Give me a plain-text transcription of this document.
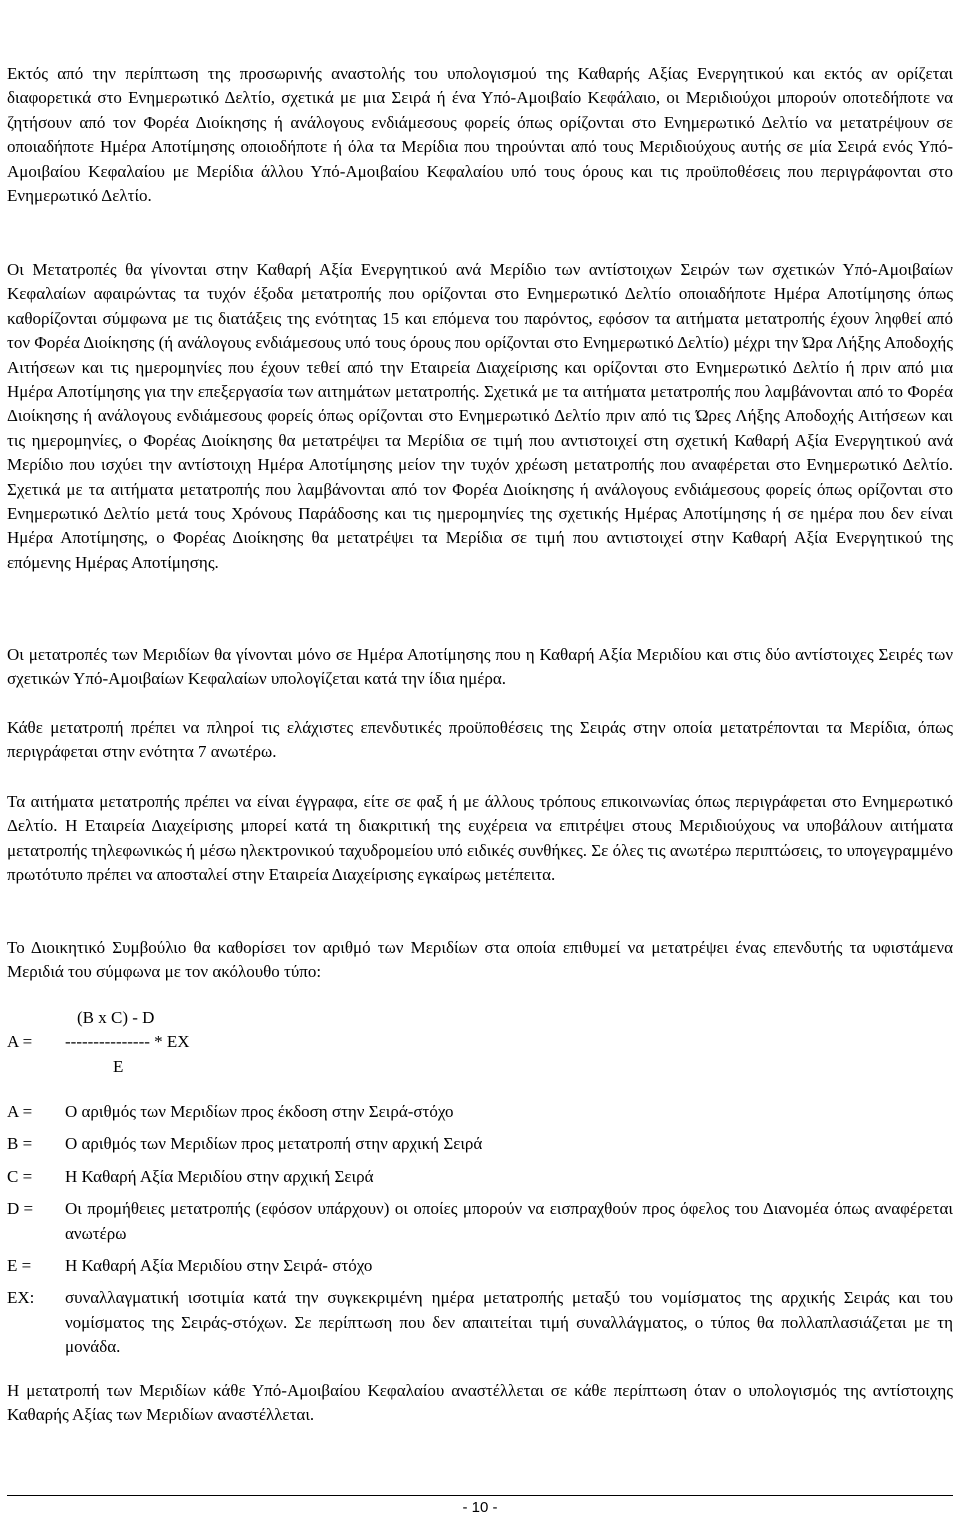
Εκτός από την περίπτωση της προσωρινής αναστολής του υπολογισμού της Καθαρής Αξίας Ενεργητικού και εκτός αν ορίζεται διαφορετικά στο Ενημερωτικό Δελτίο, σχετικά με μια Σειρά ή ένα Υπό-Αμοιβαίο Κεφάλαιο, οι Μεριδιούχοι μπορούν οποτεδήποτε να ζητήσουν από τον Φορέα Διοίκησης ή ανάλογους ενδιάμεσους φορείς όπως ορίζονται στο Ενημερωτικό Δελτίο να μετατρέψουν σε οποιαδήποτε Ημέρα Αποτίμησης οποιοδήποτε ή όλα τα Μερίδια που τηρούνται από τους Μεριδιούχους αυτής σε μία Σειρά ενός Υπό-Αμοιβαίου Κεφαλαίου με Μερίδια άλλου Υπό-Αμοιβαίου Κεφαλαίου υπό τους όρους και τις προϋποθέσεις που περιγράφονται στο Ενημερωτικό Δελτίο.

Οι Μετατροπές θα γίνονται στην Καθαρή Αξία Ενεργητικού ανά Μερίδιο των αντίστοιχων Σειρών των σχετικών Υπό-Αμοιβαίων Κεφαλαίων αφαιρώντας τα τυχόν έξοδα μετατροπής που ορίζονται στο Ενημερωτικό Δελτίο οποιαδήποτε Ημέρα Αποτίμησης όπως καθορίζονται σύμφωνα με τις διατάξεις της ενότητας 15 και επόμενα του παρόντος, εφόσον τα αιτήματα μετατροπής έχουν ληφθεί από τον Φορέα Διοίκησης (ή ανάλογους ενδιάμεσους υπό τους όρους που ορίζονται στο Ενημερωτικό Δελτίο) μέχρι την Ώρα Λήξης Αποδοχής Αιτήσεων και τις ημερομηνίες που έχουν τεθεί από την Εταιρεία Διαχείρισης και ορίζονται στο Ενημερωτικό Δελτίο ή πριν από μια Ημέρα Αποτίμησης για την επεξεργασία των αιτημάτων μετατροπής. Σχετικά με τα αιτήματα μετατροπής που λαμβάνονται από το Φορέα Διοίκησης ή ανάλογους ενδιάμεσους φορείς όπως ορίζονται στο Ενημερωτικό Δελτίο πριν από τις Ώρες Λήξης Αποδοχής Αιτήσεων και τις ημερομηνίες, ο Φορέας Διοίκησης θα μετατρέψει τα Μερίδια σε τιμή που αντιστοιχεί στη σχετική Καθαρή Αξία Ενεργητικού ανά Μερίδιο που ισχύει την αντίστοιχη Ημέρα Αποτίμησης μείον την τυχόν χρέωση μετατροπής που αναφέρεται στο Ενημερωτικό Δελτίο. Σχετικά με τα αιτήματα μετατροπής που λαμβάνονται από τον Φορέα Διοίκησης ή ανάλογους ενδιάμεσους φορείς όπως ορίζονται στο Ενημερωτικό Δελτίο μετά τους Χρόνους Παράδοσης και τις ημερομηνίες της σχετικής Ημέρας Αποτίμησης ή σε ημέρα που δεν είναι Ημέρα Αποτίμησης, ο Φορέας Διοίκησης θα μετατρέψει τα Μερίδια σε τιμή που αντιστοιχεί στην Καθαρή Αξία Ενεργητικού της επόμενης Ημέρας Αποτίμησης.

Οι μετατροπές των Μεριδίων θα γίνονται μόνο σε Ημέρα Αποτίμησης που η Καθαρή Αξία Μεριδίου και στις δύο αντίστοιχες Σειρές των σχετικών Υπό-Αμοιβαίων Κεφαλαίων υπολογίζεται κατά την ίδια ημέρα.

Κάθε μετατροπή πρέπει να πληροί τις ελάχιστες επενδυτικές προϋποθέσεις της Σειράς στην οποία μετατρέπονται τα Μερίδια, όπως περιγράφεται στην ενότητα 7 ανωτέρω.

Τα αιτήματα μετατροπής πρέπει να είναι έγγραφα, είτε σε φαξ ή με άλλους τρόπους επικοινωνίας όπως περιγράφεται στο Ενημερωτικό Δελτίο. Η Εταιρεία Διαχείρισης μπορεί κατά τη διακριτική της ευχέρεια να επιτρέψει στους Μεριδιούχους να υποβάλουν αιτήματα μετατροπής τηλεφωνικώς ή μέσω ηλεκτρονικού ταχυδρομείου υπό ειδικές συνθήκες. Σε όλες τις ανωτέρω περιπτώσεις, το υπογεγραμμένο πρωτότυπο πρέπει να αποσταλεί στην Εταιρεία Διαχείρισης εγκαίρως μετέπειτα.

Το Διοικητικό Συμβούλιο θα καθορίσει τον αριθμό των Μεριδίων στα οποία επιθυμεί να μετατρέψει ένας επενδυτής τα υφιστάμενα Μεριδιά του σύμφωνα με τον ακόλουθο τύπο:

(B x C) - D
A = --------------- * EX
E
A =	Ο αριθμός των Μεριδίων προς έκδοση στην Σειρά-στόχο
B =	Ο αριθμός των Μεριδίων προς μετατροπή στην αρχική Σειρά
C =	Η Καθαρή Αξία Μεριδίου στην αρχική Σειρά
D =	Οι προμήθειες μετατροπής (εφόσον υπάρχουν) οι οποίες μπορούν να εισπραχθούν προς όφελος του Διανομέα όπως αναφέρεται ανωτέρω
E =	Η Καθαρή Αξία Μεριδίου στην Σειρά- στόχο
EX:	συναλλαγματική ισοτιμία κατά την συγκεκριμένη ημέρα μετατροπής μεταξύ του νομίσματος της αρχικής Σειράς και του νομίσματος της Σειράς-στόχων. Σε περίπτωση που δεν απαιτείται τιμή συναλλάγματος, ο τύπος θα πολλαπλασιάζεται με τη μονάδα.

Η μετατροπή των Μεριδίων κάθε Υπό-Αμοιβαίου Κεφαλαίου αναστέλλεται σε κάθε περίπτωση όταν ο υπολογισμός της αντίστοιχης Καθαρής Αξίας των Μεριδίων αναστέλλεται.

- 10 -
